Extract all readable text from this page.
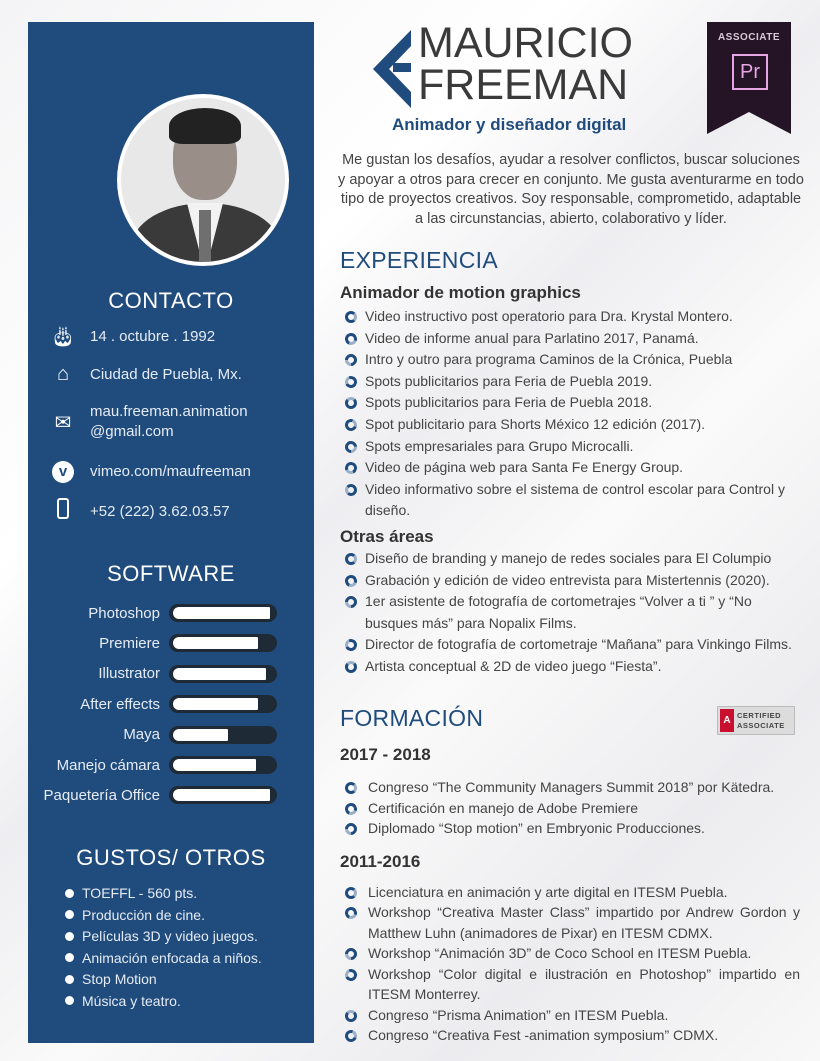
CONTACTO
🎂︎ 14 . octubre . 1992
⌂	Ciudad de Puebla, Mx.
✉	mau.freeman.animation
@gmail.com
v	vimeo.com/maufreeman
+52 (222) 3.62.03.57
SOFTWARE
Photoshop
Premiere
Illustrator
After effects
Maya
Manejo cámara
Paquetería Office
GUSTOS/ OTROS
TOEFFL - 560 pts.
Producción de cine.
Películas 3D y video juegos.
Animación enfocada a niños.
Stop Motion
Música y teatro.
MAURICIO
FREEMAN
Animador y diseñador digital
ASSOCIATE
Pr
Me gustan los desafíos, ayudar a resolver conflictos, buscar soluciones y apoyar a otros para crecer en conjunto. Me gusta aventurarme en todo tipo de proyectos creativos. Soy responsable, comprometido, adaptable a las circunstancias, abierto, colaborativo y líder.
EXPERIENCIA
Animador de motion graphics
Video instructivo post operatorio para Dra. Krystal Montero.
Video de informe anual para Parlatino 2017, Panamá.
Intro y outro para programa Caminos de la Crónica, Puebla
Spots publicitarios para Feria de Puebla 2019.
Spots publicitarios para Feria de Puebla 2018.
Spot publicitario para Shorts México 12 edición (2017).
Spots empresariales para Grupo Microcalli.
Video de página web para Santa Fe Energy Group.
Video informativo sobre el sistema de control escolar para Control y diseño.
Otras áreas
Diseño de branding y manejo de redes sociales para El Columpio
Grabación y edición de video entrevista para Mistertennis (2020).
1er asistente de fotografía de cortometrajes “Volver a ti ” y “No busques más” para Nopalix Films.
Director de fotografía de cortometraje “Mañana” para Vinkingo Films.
Artista conceptual & 2D de video juego “Fiesta”.
FORMACIÓN	A CERTIFIED
ASSOCIATE
2017 - 2018
Congreso “The Community Managers Summit 2018” por Kätedra.
Certificación en manejo de Adobe Premiere
Diplomado “Stop motion” en Embryonic Producciones.
2011-2016
Licenciatura en animación y arte digital en ITESM Puebla.
Workshop “Creativa Master Class” impartido por Andrew Gordon y Matthew Luhn (animadores de Pixar) en ITESM CDMX.
Workshop “Animación 3D” de Coco School en ITESM Puebla.
Workshop “Color digital e ilustración en Photoshop” impartido en ITESM Monterrey.
Congreso “Prisma Animation” en ITESM Puebla.
Congreso “Creativa Fest -animation symposium” CDMX.
